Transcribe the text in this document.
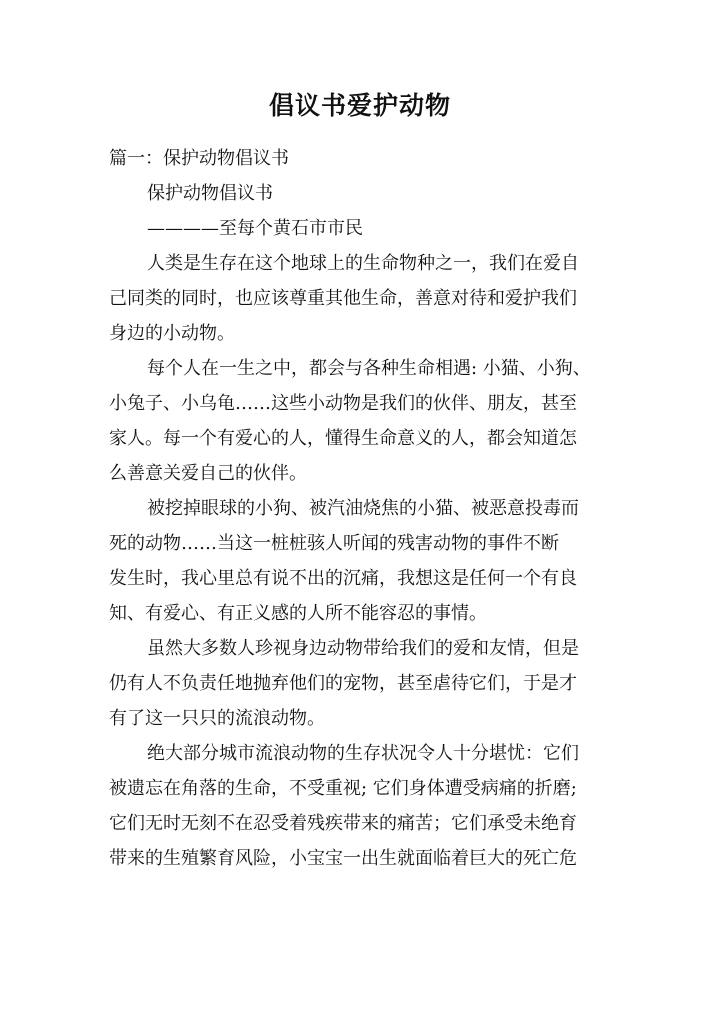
倡议书爱护动物
篇一：保护动物倡议书
保护动物倡议书
————至每个黄石市市民
人类是生存在这个地球上的生命物种之一，我们在爱自
己同类的同时，也应该尊重其他生命，善意对待和爱护我们
身边的小动物。
每个人在一生之中，都会与各种生命相遇: 小猫、小狗、
小兔子、小乌龟……这些小动物是我们的伙伴、朋友，甚至
家人。每一个有爱心的人，懂得生命意义的人，都会知道怎
么善意关爱自己的伙伴。
被挖掉眼球的小狗、被汽油烧焦的小猫、被恶意投毒而
死的动物……当这一桩桩骇人听闻的残害动物的事件不断
发生时，我心里总有说不出的沉痛，我想这是任何一个有良
知、有爱心、有正义感的人所不能容忍的事情。
虽然大多数人珍视身边动物带给我们的爱和友情，但是
仍有人不负责任地抛弃他们的宠物，甚至虐待它们，于是才
有了这一只只的流浪动物。
绝大部分城市流浪动物的生存状况令人十分堪忧：它们
被遗忘在角落的生命，不受重视; 它们身体遭受病痛的折磨;
它们无时无刻不在忍受着残疾带来的痛苦；它们承受未绝育
带来的生殖繁育风险，小宝宝一出生就面临着巨大的死亡危
